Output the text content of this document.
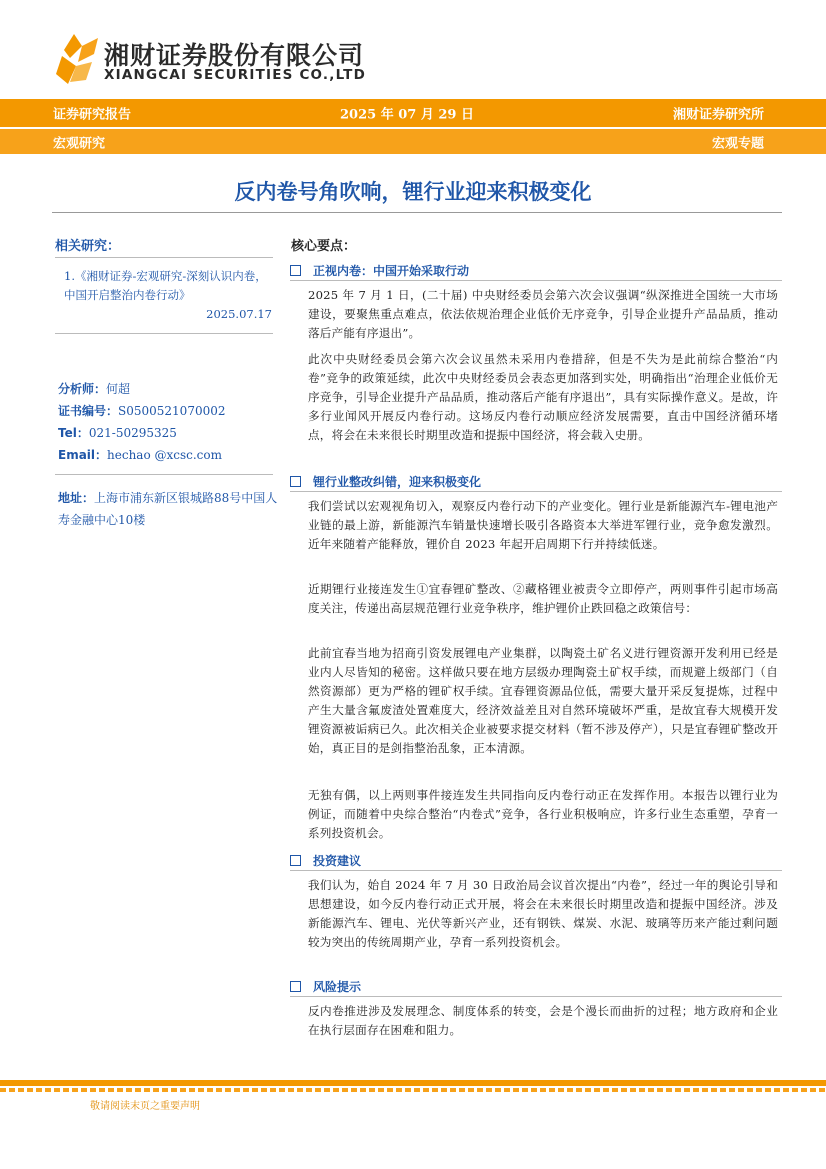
湘财证券股份有限公司
XIANGCAI SECURITIES CO.,LTD
证券研究报告	2025 年 07 月 29 日	湘财证券研究所
宏观研究	宏观专题
反内卷号角吹响，锂行业迎来积极变化
相关研究：
1.《湘财证券-宏观研究-深刻认识内卷，中国开启整治内卷行动》
2025.07.17
分析师：何超
证书编号：S0500521070002
Tel：021-50295325
Email：hechao @xcsc.com
地址：上海市浦东新区银城路88号中国人寿金融中心10楼
核心要点：
正视内卷：中国开始采取行动
2025 年 7 月 1 日，(二十届) 中央财经委员会第六次会议强调“纵深推进全国统一大市场建设，要聚焦重点难点，依法依规治理企业低价无序竞争，引导企业提升产品品质，推动落后产能有序退出”。
此次中央财经委员会第六次会议虽然未采用内卷措辞，但是不失为是此前综合整治“内卷”竞争的政策延续，此次中央财经委员会表态更加落到实处，明确指出“治理企业低价无序竞争，引导企业提升产品品质，推动落后产能有序退出”，具有实际操作意义。是故，许多行业闻风开展反内卷行动。这场反内卷行动顺应经济发展需要，直击中国经济循环堵点，将会在未来很长时期里改造和提振中国经济，将会载入史册。
锂行业整改纠错，迎来积极变化
我们尝试以宏观视角切入，观察反内卷行动下的产业变化。锂行业是新能源汽车-锂电池产业链的最上游，新能源汽车销量快速增长吸引各路资本大举进军锂行业，竞争愈发激烈。近年来随着产能释放，锂价自 2023 年起开启周期下行并持续低迷。
近期锂行业接连发生①宜春锂矿整改、②藏格锂业被责令立即停产，两则事件引起市场高度关注，传递出高层规范锂行业竞争秩序，维护锂价止跌回稳之政策信号：
此前宜春当地为招商引资发展锂电产业集群，以陶瓷土矿名义进行锂资源开发利用已经是业内人尽皆知的秘密。这样做只要在地方层级办理陶瓷土矿权手续，而规避上级部门（自然资源部）更为严格的锂矿权手续。宜春锂资源品位低，需要大量开采反复提炼，过程中产生大量含氟废渣处置难度大，经济效益差且对自然环境破坏严重，是故宜春大规模开发锂资源被诟病已久。此次相关企业被要求提交材料（暂不涉及停产），只是宜春锂矿整改开始，真正目的是剑指整治乱象，正本清源。
无独有偶，以上两则事件接连发生共同指向反内卷行动正在发挥作用。本报告以锂行业为例证，而随着中央综合整治“内卷式”竞争，各行业积极响应，许多行业生态重塑，孕育一系列投资机会。
投资建议
我们认为，始自 2024 年 7 月 30 日政治局会议首次提出“内卷”，经过一年的舆论引导和思想建设，如今反内卷行动正式开展，将会在未来很长时期里改造和提振中国经济。涉及新能源汽车、锂电、光伏等新兴产业，还有钢铁、煤炭、水泥、玻璃等历来产能过剩问题较为突出的传统周期产业，孕育一系列投资机会。
风险提示
反内卷推进涉及发展理念、制度体系的转变，会是个漫长而曲折的过程；地方政府和企业在执行层面存在困难和阻力。
敬请阅读末页之重要声明
